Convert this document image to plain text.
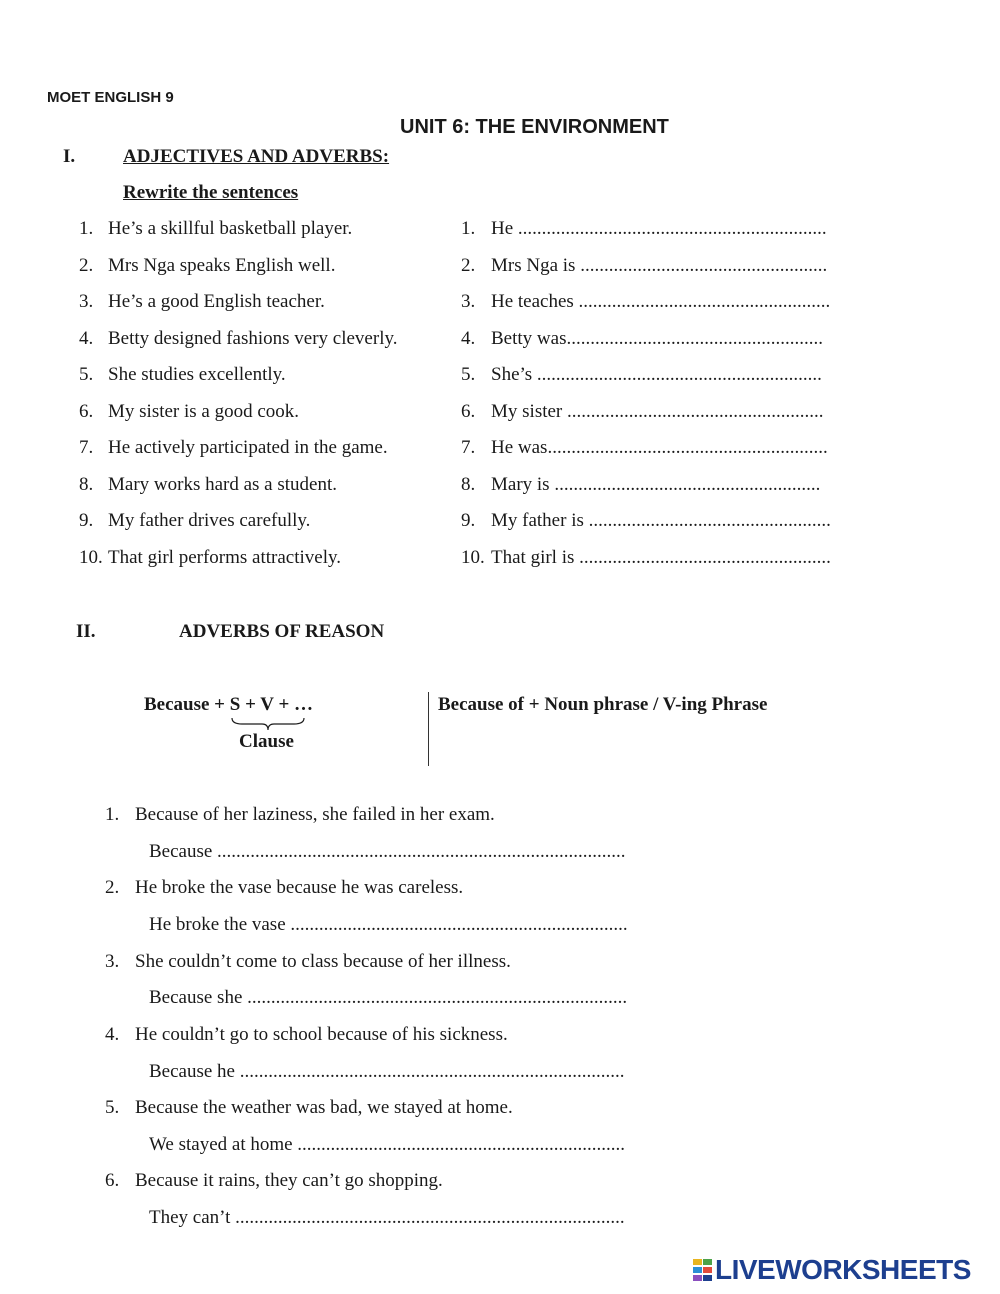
MOET ENGLISH 9
UNIT 6: THE ENVIRONMENT
I.	ADJECTIVES AND ADVERBS:
Rewrite the sentences
1. He’s a skillful basketball player.	1. He .................................................................
2. Mrs Nga speaks English well.	2. Mrs Nga is ....................................................
3. He’s a good English teacher.	3. He teaches .....................................................
4. Betty designed fashions very cleverly.	4. Betty was......................................................
5. She studies excellently.	5. She’s ............................................................
6. My sister is a good cook.	6. My sister ......................................................
7. He actively participated in the game.	7. He was...........................................................
8. Mary works hard as a student.	8. Mary is ........................................................
9. My father drives carefully.	9. My father is ...................................................
10. That girl performs attractively.	10. That girl is .....................................................
II.	ADVERBS OF REASON
Because + S + V + …
Clause
Because of + Noun phrase / V-ing Phrase
1. Because of her laziness, she failed in her exam.
Because ......................................................................................
2. He broke the vase because he was careless.
He broke the vase .......................................................................
3. She couldn’t come to class because of her illness.
Because she ................................................................................
4. He couldn’t go to school because of his sickness.
Because he .................................................................................
5. Because the weather was bad, we stayed at home.
We stayed at home .....................................................................
6. Because it rains, they can’t go shopping.
They can’t ..................................................................................
LIVEWORKSHEETS
